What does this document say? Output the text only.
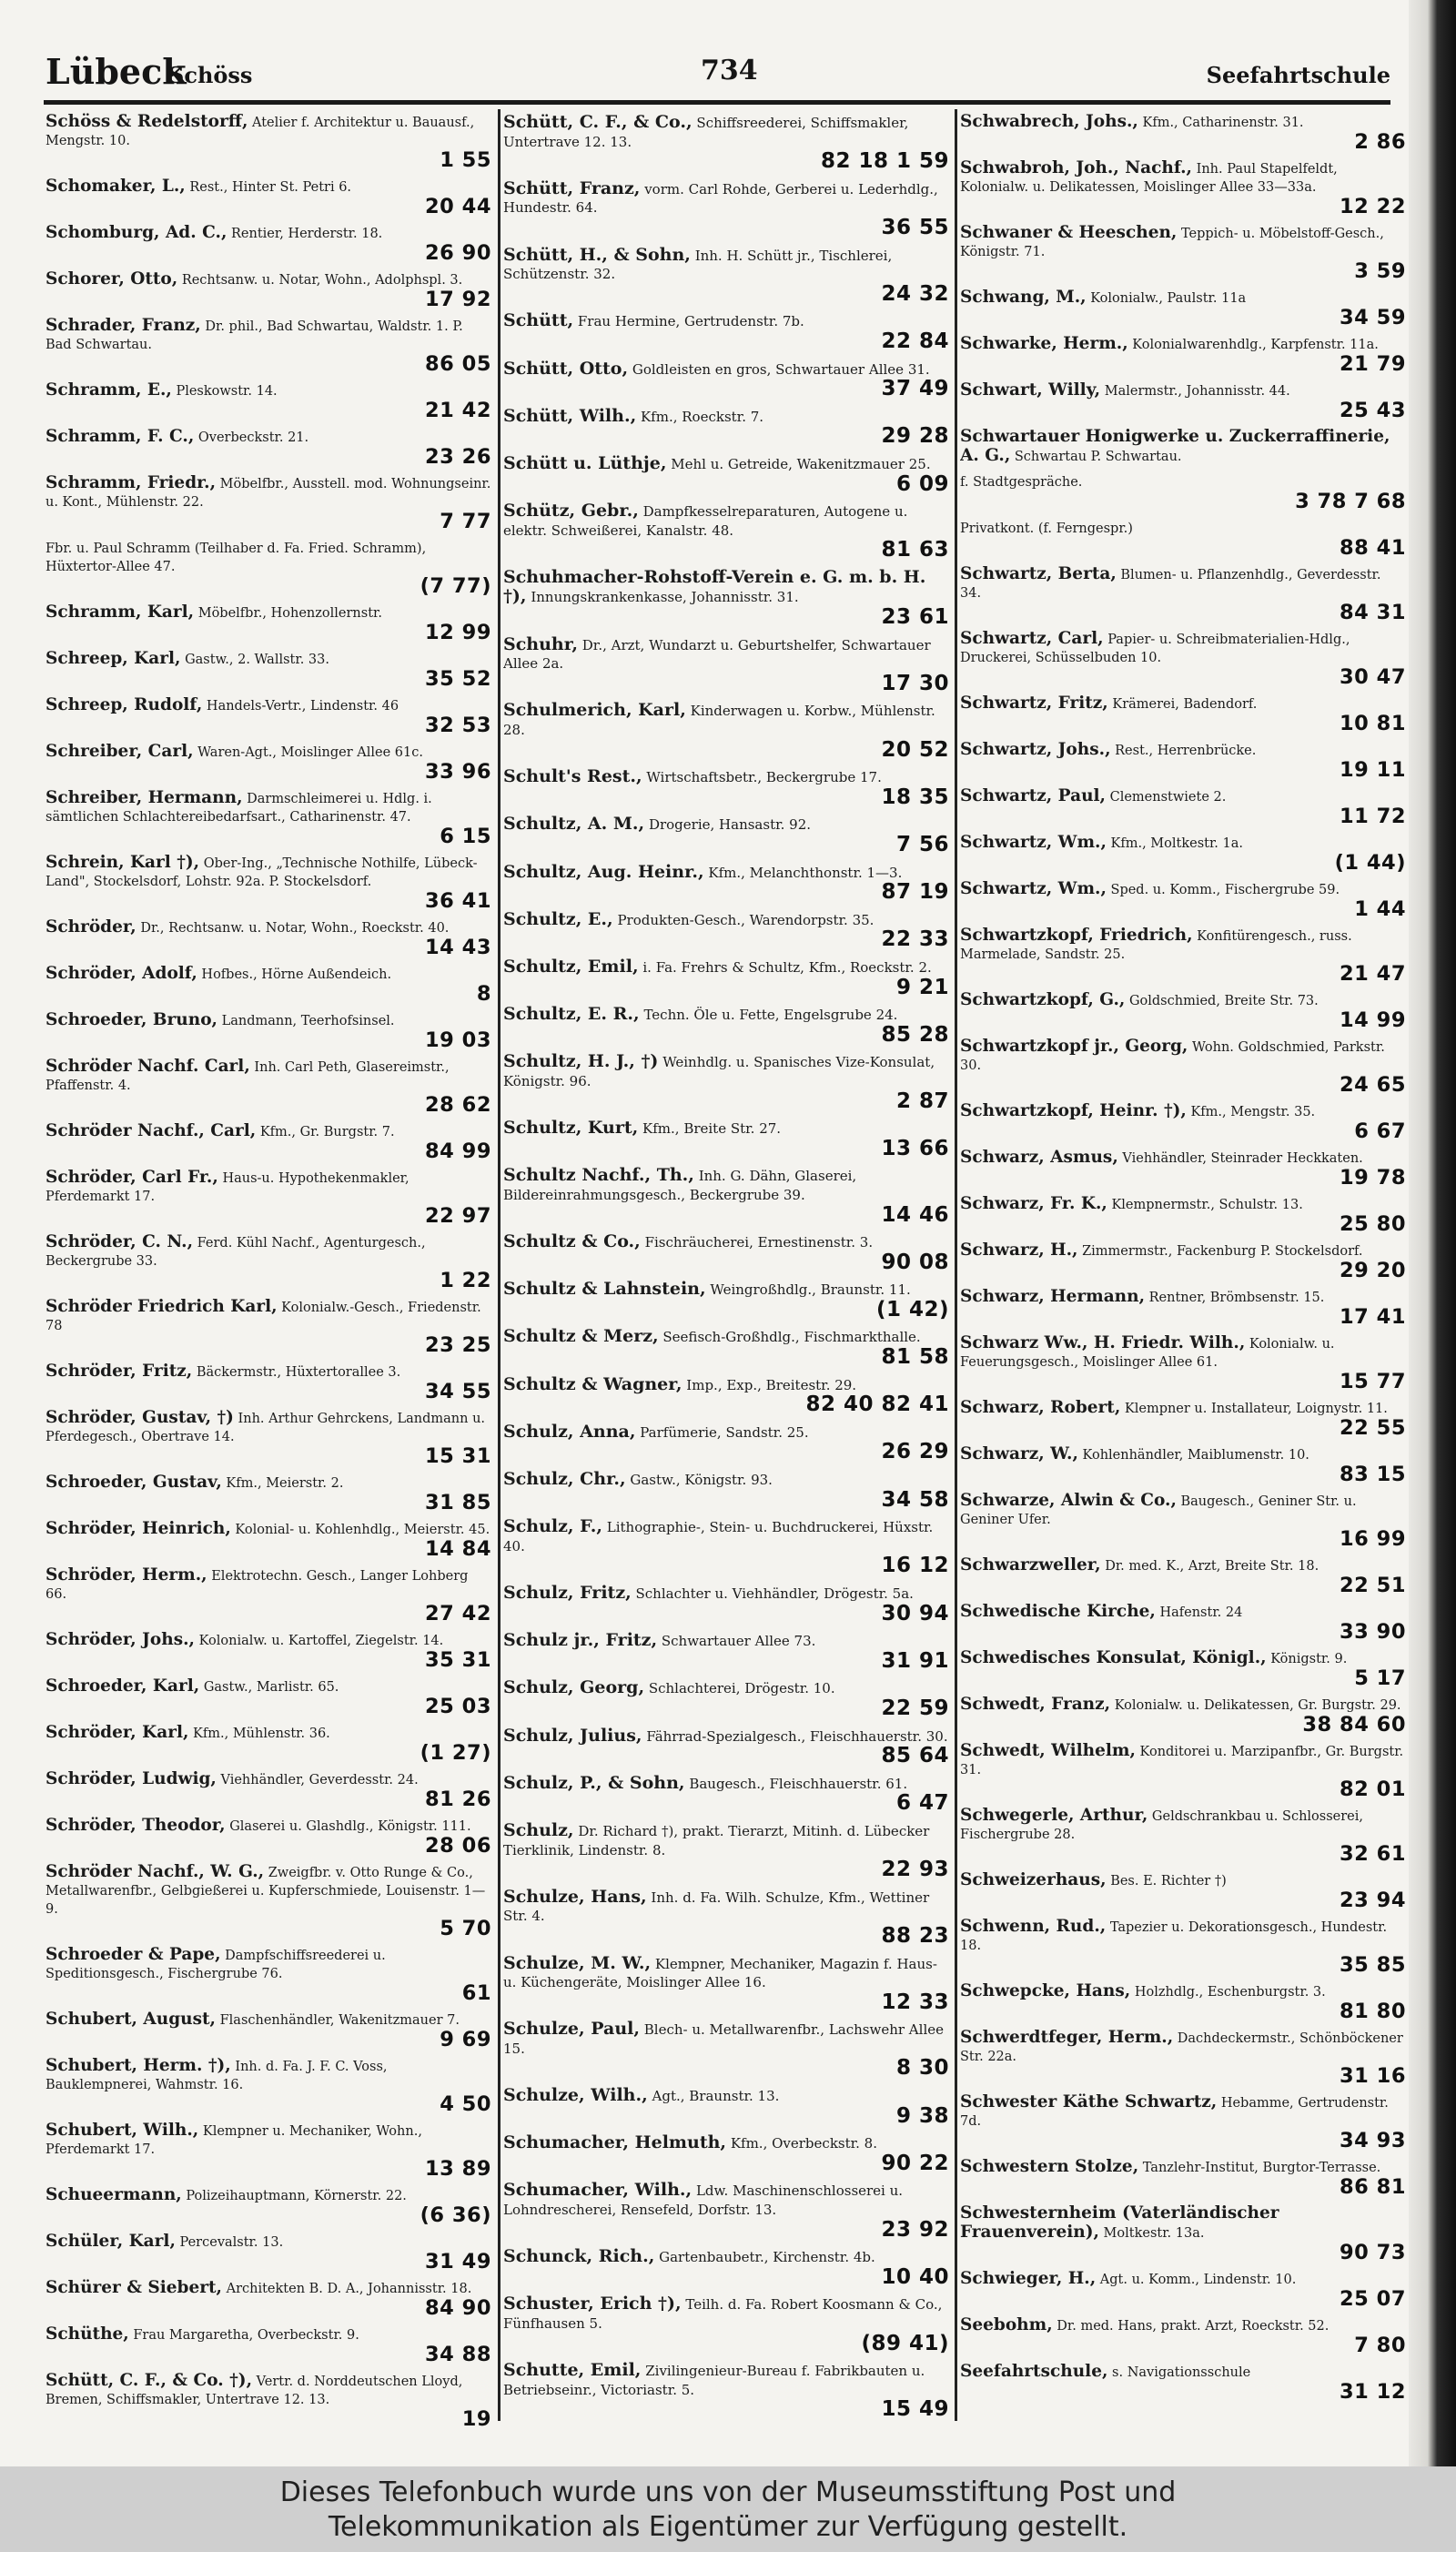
Lübeck
Schöss	734	Seefahrtschule
Schöss & Redelstorff, Atelier f. Architektur u. Bauausf., Mengstr. 10.
1 55
Schomaker, L., Rest., Hinter St. Petri 6.
20 44
Schomburg, Ad. C., Rentier, Herderstr. 18.
26 90
Schorer, Otto, Rechtsanw. u. Notar, Wohn., Adolphspl. 3.
17 92
Schrader, Franz, Dr. phil., Bad Schwartau, Waldstr. 1. P. Bad Schwartau.
86 05
Schramm, E., Pleskowstr. 14.
21 42
Schramm, F. C., Overbeckstr. 21.
23 26
Schramm, Friedr., Möbelfbr., Ausstell. mod. Wohnungseinr. u. Kont., Mühlenstr. 22.
7 77
Fbr. u. Paul Schramm (Teilhaber d. Fa. Fried. Schramm), Hüxtertor-Allee 47.
(7 77)
Schramm, Karl, Möbelfbr., Hohenzollernstr.
12 99
Schreep, Karl, Gastw., 2. Wallstr. 33.
35 52
Schreep, Rudolf, Handels-Vertr., Lindenstr. 46
32 53
Schreiber, Carl, Waren-Agt., Moislinger Allee 61c.
33 96
Schreiber, Hermann, Darmschleimerei u. Hdlg. i. sämtlichen Schlachtereibedarfsart., Catharinenstr. 47.
6 15
Schrein, Karl †), Ober-Ing., „Technische Nothilfe, Lübeck-Land", Stockelsdorf, Lohstr. 92a. P. Stockelsdorf.
36 41
Schröder, Dr., Rechtsanw. u. Notar, Wohn., Roeckstr. 40.
14 43
Schröder, Adolf, Hofbes., Hörne Außendeich.
8
Schroeder, Bruno, Landmann, Teerhofsinsel.
19 03
Schröder Nachf. Carl, Inh. Carl Peth, Glasereimstr., Pfaffenstr. 4.
28 62
Schröder Nachf., Carl, Kfm., Gr. Burgstr. 7.
84 99
Schröder, Carl Fr., Haus-u. Hypothekenmakler, Pferdemarkt 17.
22 97
Schröder, C. N., Ferd. Kühl Nachf., Agenturgesch., Beckergrube 33.
1 22
Schröder Friedrich Karl, Kolonialw.-Gesch., Friedenstr. 78
23 25
Schröder, Fritz, Bäckermstr., Hüxtertorallee 3.
34 55
Schröder, Gustav, †) Inh. Arthur Gehrckens, Landmann u. Pferdegesch., Obertrave 14.
15 31
Schroeder, Gustav, Kfm., Meierstr. 2.
31 85
Schröder, Heinrich, Kolonial- u. Kohlenhdlg., Meierstr. 45.
14 84
Schröder, Herm., Elektrotechn. Gesch., Langer Lohberg 66.
27 42
Schröder, Johs., Kolonialw. u. Kartoffel, Ziegelstr. 14.
35 31
Schroeder, Karl, Gastw., Marlistr. 65.
25 03
Schröder, Karl, Kfm., Mühlenstr. 36.
(1 27)
Schröder, Ludwig, Viehhändler, Geverdesstr. 24.
81 26
Schröder, Theodor, Glaserei u. Glashdlg., Königstr. 111.
28 06
Schröder Nachf., W. G., Zweigfbr. v. Otto Runge & Co., Metallwarenfbr., Gelbgießerei u. Kupferschmiede, Louisenstr. 1—9.
5 70
Schroeder & Pape, Dampfschiffsreederei u. Speditionsgesch., Fischergrube 76.
61
Schubert, August, Flaschenhändler, Wakenitzmauer 7.
9 69
Schubert, Herm. †), Inh. d. Fa. J. F. C. Voss, Bauklempnerei, Wahmstr. 16.
4 50
Schubert, Wilh., Klempner u. Mechaniker, Wohn., Pferdemarkt 17.
13 89
Schueermann, Polizeihauptmann, Körnerstr. 22.
(6 36)
Schüler, Karl, Percevalstr. 13.
31 49
Schürer & Siebert, Architekten B. D. A., Johannisstr. 18.
84 90
Schüthe, Frau Margaretha, Overbeckstr. 9.
34 88
Schütt, C. F., & Co. †), Vertr. d. Norddeutschen Lloyd, Bremen, Schiffsmakler, Untertrave 12. 13.
19
Schütt, C. F., & Co., Schiffsreederei, Schiffsmakler, Untertrave 12. 13.
82 18 1 59
Schütt, Franz, vorm. Carl Rohde, Gerberei u. Lederhdlg., Hundestr. 64.
36 55
Schütt, H., & Sohn, Inh. H. Schütt jr., Tischlerei, Schützenstr. 32.
24 32
Schütt, Frau Hermine, Gertrudenstr. 7b.
22 84
Schütt, Otto, Goldleisten en gros, Schwartauer Allee 31.
37 49
Schütt, Wilh., Kfm., Roeckstr. 7.
29 28
Schütt u. Lüthje, Mehl u. Getreide, Wakenitzmauer 25.
6 09
Schütz, Gebr., Dampfkesselreparaturen, Autogene u. elektr. Schweißerei, Kanalstr. 48.
81 63
Schuhmacher-Rohstoff-Verein e. G. m. b. H. †), Innungskrankenkasse, Johannisstr. 31.
23 61
Schuhr, Dr., Arzt, Wundarzt u. Geburtshelfer, Schwartauer Allee 2a.
17 30
Schulmerich, Karl, Kinderwagen u. Korbw., Mühlenstr. 28.
20 52
Schult's Rest., Wirtschaftsbetr., Beckergrube 17.
18 35
Schultz, A. M., Drogerie, Hansastr. 92.
7 56
Schultz, Aug. Heinr., Kfm., Melanchthonstr. 1—3.
87 19
Schultz, E., Produkten-Gesch., Warendorpstr. 35.
22 33
Schultz, Emil, i. Fa. Frehrs & Schultz, Kfm., Roeckstr. 2.
9 21
Schultz, E. R., Techn. Öle u. Fette, Engelsgrube 24.
85 28
Schultz, H. J., †) Weinhdlg. u. Spanisches Vize-Konsulat, Königstr. 96.
2 87
Schultz, Kurt, Kfm., Breite Str. 27.
13 66
Schultz Nachf., Th., Inh. G. Dähn, Glaserei, Bildereinrahmungsgesch., Beckergrube 39.
14 46
Schultz & Co., Fischräucherei, Ernestinenstr. 3.
90 08
Schultz & Lahnstein, Weingroßhdlg., Braunstr. 11.
(1 42)
Schultz & Merz, Seefisch-Großhdlg., Fischmarkthalle.
81 58
Schultz & Wagner, Imp., Exp., Breitestr. 29.
82 40 82 41
Schulz, Anna, Parfümerie, Sandstr. 25.
26 29
Schulz, Chr., Gastw., Königstr. 93.
34 58
Schulz, F., Lithographie-, Stein- u. Buchdruckerei, Hüxstr. 40.
16 12
Schulz, Fritz, Schlachter u. Viehhändler, Drögestr. 5a.
30 94
Schulz jr., Fritz, Schwartauer Allee 73.
31 91
Schulz, Georg, Schlachterei, Drögestr. 10.
22 59
Schulz, Julius, Fährrad-Spezialgesch., Fleischhauerstr. 30.
85 64
Schulz, P., & Sohn, Baugesch., Fleischhauerstr. 61.
6 47
Schulz, Dr. Richard †), prakt. Tierarzt, Mitinh. d. Lübecker Tierklinik, Lindenstr. 8.
22 93
Schulze, Hans, Inh. d. Fa. Wilh. Schulze, Kfm., Wettiner Str. 4.
88 23
Schulze, M. W., Klempner, Mechaniker, Magazin f. Haus- u. Küchengeräte, Moislinger Allee 16.
12 33
Schulze, Paul, Blech- u. Metallwarenfbr., Lachswehr Allee 15.
8 30
Schulze, Wilh., Agt., Braunstr. 13.
9 38
Schumacher, Helmuth, Kfm., Overbeckstr. 8.
90 22
Schumacher, Wilh., Ldw. Maschinenschlosserei u. Lohndrescherei, Rensefeld, Dorfstr. 13.
23 92
Schunck, Rich., Gartenbaubetr., Kirchenstr. 4b.
10 40
Schuster, Erich †), Teilh. d. Fa. Robert Koosmann & Co., Fünfhausen 5.
(89 41)
Schutte, Emil, Zivilingenieur-Bureau f. Fabrikbauten u. Betriebseinr., Victoriastr. 5.
15 49
Schwabrech, Johs., Kfm., Catharinenstr. 31.
2 86
Schwabroh, Joh., Nachf., Inh. Paul Stapelfeldt, Kolonialw. u. Delikatessen, Moislinger Allee 33—33a.
12 22
Schwaner & Heeschen, Teppich- u. Möbelstoff-Gesch., Königstr. 71.
3 59
Schwang, M., Kolonialw., Paulstr. 11a
34 59
Schwarke, Herm., Kolonialwarenhdlg., Karpfenstr. 11a.
21 79
Schwart, Willy, Malermstr., Johannisstr. 44.
25 43
Schwartauer Honigwerke u. Zuckerraffinerie, A. G., Schwartau P. Schwartau.
f. Stadtgespräche.
3 78 7 68
Privatkont. (f. Ferngespr.)
88 41
Schwartz, Berta, Blumen- u. Pflanzenhdlg., Geverdesstr. 34.
84 31
Schwartz, Carl, Papier- u. Schreibmaterialien-Hdlg., Druckerei, Schüsselbuden 10.
30 47
Schwartz, Fritz, Krämerei, Badendorf.
10 81
Schwartz, Johs., Rest., Herrenbrücke.
19 11
Schwartz, Paul, Clemenstwiete 2.
11 72
Schwartz, Wm., Kfm., Moltkestr. 1a.
(1 44)
Schwartz, Wm., Sped. u. Komm., Fischergrube 59.
1 44
Schwartzkopf, Friedrich, Konfitürengesch., russ. Marmelade, Sandstr. 25.
21 47
Schwartzkopf, G., Goldschmied, Breite Str. 73.
14 99
Schwartzkopf jr., Georg, Wohn. Goldschmied, Parkstr. 30.
24 65
Schwartzkopf, Heinr. †), Kfm., Mengstr. 35.
6 67
Schwarz, Asmus, Viehhändler, Steinrader Heckkaten.
19 78
Schwarz, Fr. K., Klempnermstr., Schulstr. 13.
25 80
Schwarz, H., Zimmermstr., Fackenburg P. Stockelsdorf.
29 20
Schwarz, Hermann, Rentner, Brömbsenstr. 15.
17 41
Schwarz Ww., H. Friedr. Wilh., Kolonialw. u. Feuerungsgesch., Moislinger Allee 61.
15 77
Schwarz, Robert, Klempner u. Installateur, Loignystr. 11.
22 55
Schwarz, W., Kohlenhändler, Maiblumenstr. 10.
83 15
Schwarze, Alwin & Co., Baugesch., Geniner Str. u. Geniner Ufer.
16 99
Schwarzweller, Dr. med. K., Arzt, Breite Str. 18.
22 51
Schwedische Kirche, Hafenstr. 24
33 90
Schwedisches Konsulat, Königl., Königstr. 9.
5 17
Schwedt, Franz, Kolonialw. u. Delikatessen, Gr. Burgstr. 29.
38 84 60
Schwedt, Wilhelm, Konditorei u. Marzipanfbr., Gr. Burgstr. 31.
82 01
Schwegerle, Arthur, Geldschrankbau u. Schlosserei, Fischergrube 28.
32 61
Schweizerhaus, Bes. E. Richter †)
23 94
Schwenn, Rud., Tapezier u. Dekorationsgesch., Hundestr. 18.
35 85
Schwepcke, Hans, Holzhdlg., Eschenburgstr. 3.
81 80
Schwerdtfeger, Herm., Dachdeckermstr., Schönböckener Str. 22a.
31 16
Schwester Käthe Schwartz, Hebamme, Gertrudenstr. 7d.
34 93
Schwestern Stolze, Tanzlehr-Institut, Burgtor-Terrasse.
86 81
Schwesternheim (Vaterländischer Frauenverein), Moltkestr. 13a.
90 73
Schwieger, H., Agt. u. Komm., Lindenstr. 10.
25 07
Seebohm, Dr. med. Hans, prakt. Arzt, Roeckstr. 52.
7 80
Seefahrtschule, s. Navigationsschule
31 12
Dieses Telefonbuch wurde uns von der Museumsstiftung Post und
Telekommunikation als Eigentümer zur Verfügung gestellt.
